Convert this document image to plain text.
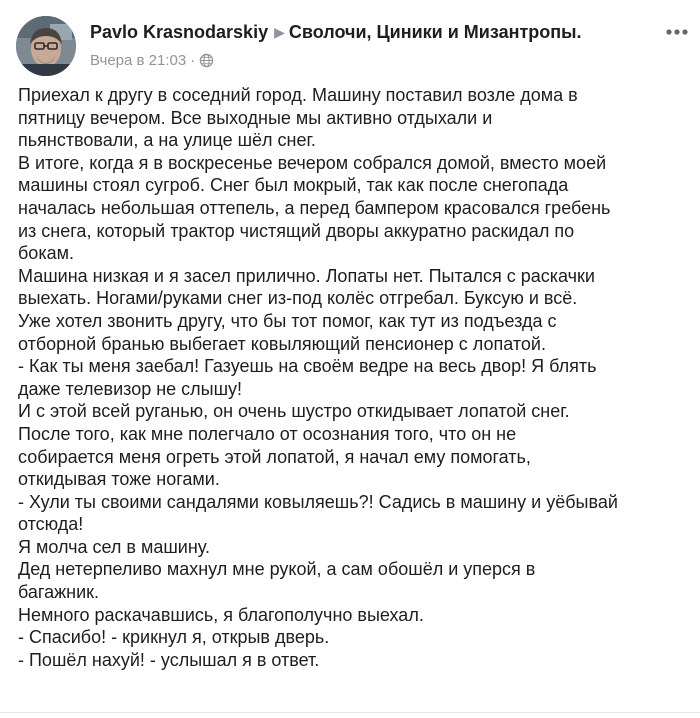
Pavlo Krasnodarskiy ▶ Сволочи, Циники и Мизантропы.
Вчера в 21:03 ·

Приехал к другу в соседний город. Машину поставил возле дома в
пятницу вечером. Все выходные мы активно отдыхали и
пьянствовали, а на улице шёл снег.

В итоге, когда я в воскресенье вечером собрался домой, вместо моей
машины стоял сугроб. Снег был мокрый, так как после снегопада
началась небольшая оттепель, а перед бампером красовался гребень
из снега, который трактор чистящий дворы аккуратно раскидал по
бокам.

Машина низкая и я засел прилично. Лопаты нет. Пытался с раскачки
выехать. Ногами/руками снег из-под колёс отгребал. Буксую и всё.
Уже хотел звонить другу, что бы тот помог, как тут из подъезда с
отборной бранью выбегает ковыляющий пенсионер с лопатой.

- Как ты меня заебал! Газуешь на своём ведре на весь двор! Я блять
даже телевизор не слышу!

И с этой всей руганью, он очень шустро откидывает лопатой снег.
После того, как мне полегчало от осознания того, что он не
собирается меня огреть этой лопатой, я начал ему помогать,
откидывая тоже ногами.

- Хули ты своими сандалями ковыляешь?! Садись в машину и уёбывай
отсюда!

Я молча сел в машину.

Дед нетерпеливо махнул мне рукой, а сам обошёл и уперся в
багажник.

Немного раскачавшись, я благополучно выехал.

- Спасибо! - крикнул я, открыв дверь.

- Пошёл нахуй! - услышал я в ответ.
